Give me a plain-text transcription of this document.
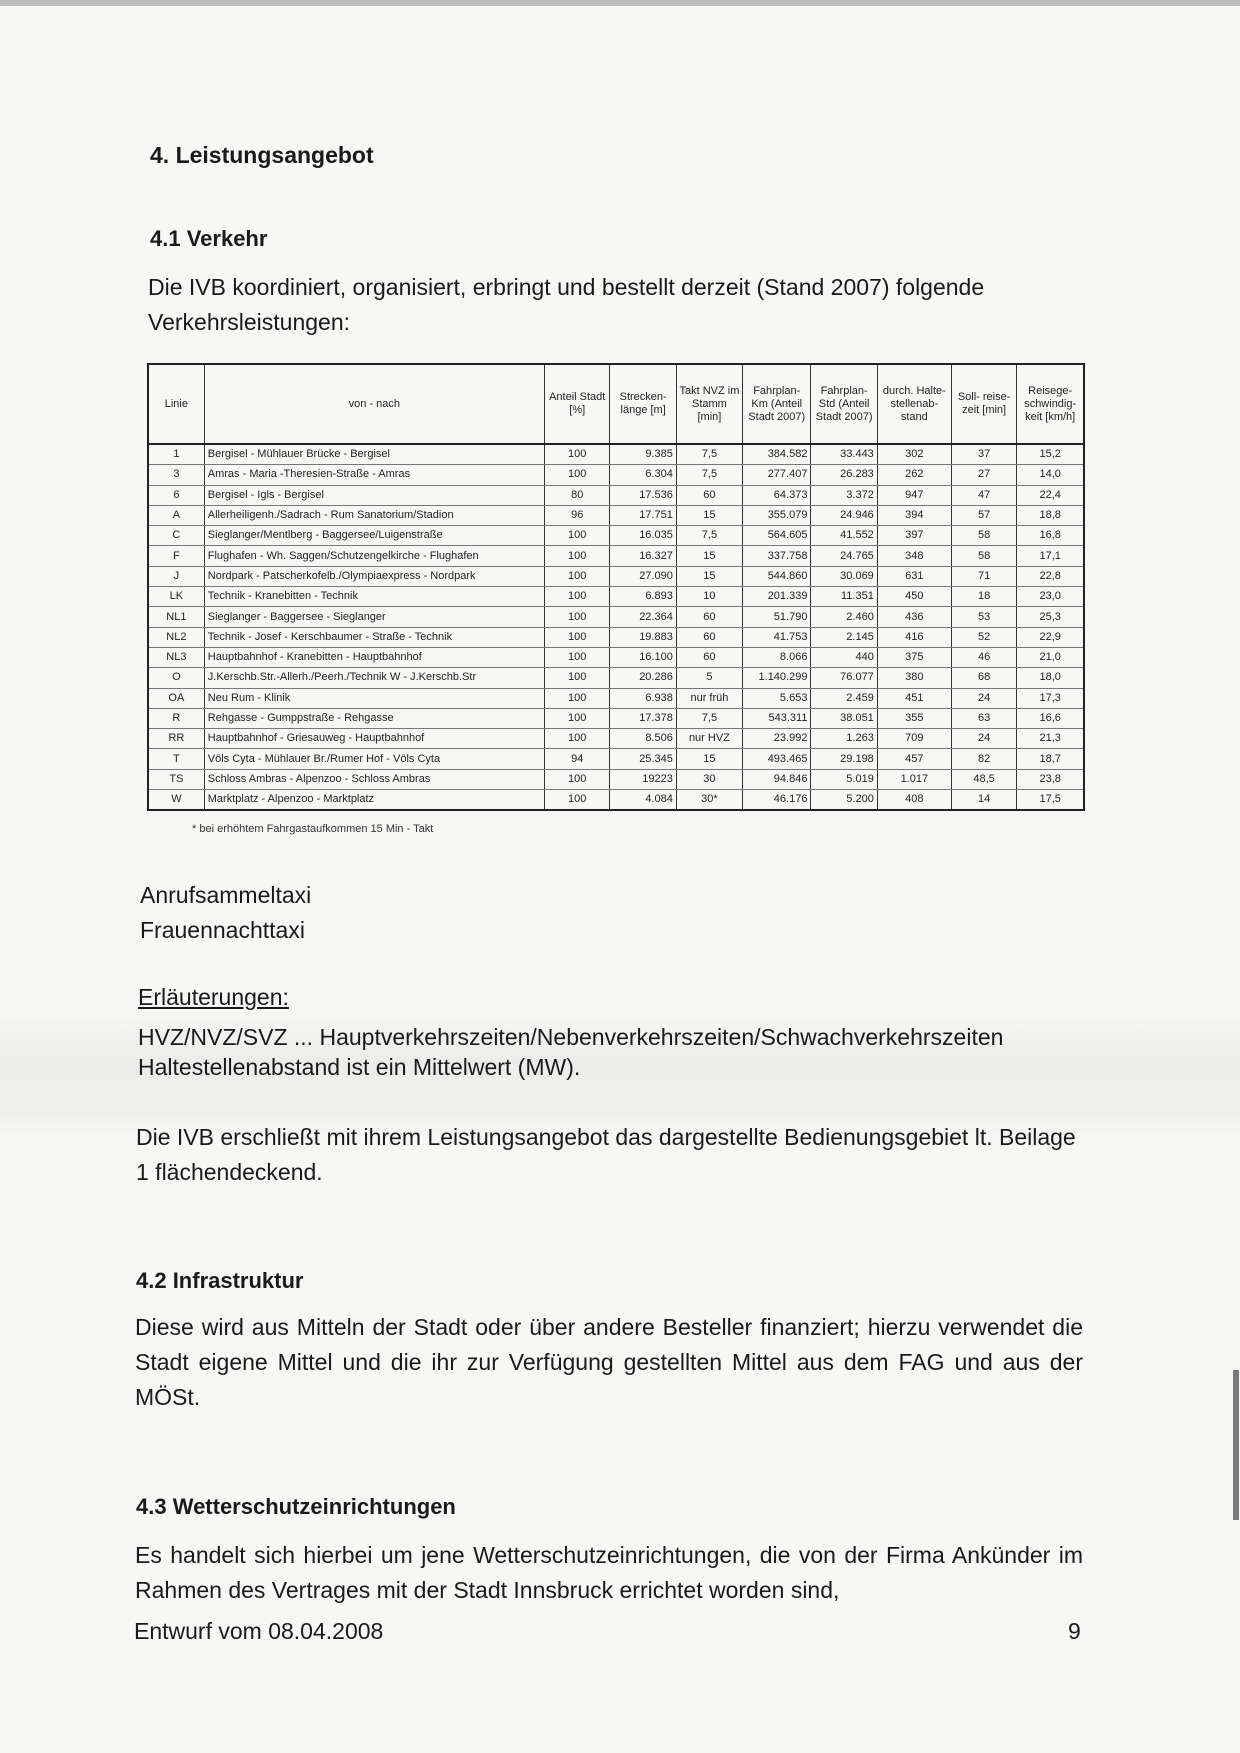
4. Leistungsangebot
4.1 Verkehr
Die IVB koordiniert, organisiert, erbringt und bestellt derzeit (Stand 2007) folgende Verkehrsleistungen:
Linie	von - nach	Anteil Stadt [%]	Strecken-länge [m]	Takt NVZ im Stamm [min]	Fahrplan-Km (Anteil Stadt 2007)	Fahrplan-Std (Anteil Stadt 2007)	durch. Halte-stellenab-stand	Soll- reise-zeit [min]	Reisege-schwindig-keit [km/h]
1	Bergisel - Mühlauer Brücke - Bergisel	100	9.385	7,5	384.582	33.443	302	37	15,2
3	Amras - Maria -Theresien-Straße - Amras	100	6.304	7,5	277.407	26.283	262	27	14,0
6	Bergisel - Igls - Bergisel	80	17.536	60	64.373	3.372	947	47	22,4
A	Allerheiligenh./Sadrach - Rum Sanatorium/Stadion	96	17.751	15	355.079	24.946	394	57	18,8
C	Sieglanger/Mentlberg - Baggersee/Luigenstraße	100	16.035	7,5	564.605	41.552	397	58	16,8
F	Flughafen - Wh. Saggen/Schutzengelkirche - Flughafen	100	16.327	15	337.758	24.765	348	58	17,1
J	Nordpark - Patscherkofelb./Olympiaexpress - Nordpark	100	27.090	15	544.860	30.069	631	71	22,8
LK	Technik - Kranebitten - Technik	100	6.893	10	201.339	11.351	450	18	23,0
NL1	Sieglanger - Baggersee - Sieglanger	100	22.364	60	51.790	2.460	436	53	25,3
NL2	Technik - Josef - Kerschbaumer - Straße - Technik	100	19.883	60	41.753	2.145	416	52	22,9
NL3	Hauptbahnhof - Kranebitten - Hauptbahnhof	100	16.100	60	8.066	440	375	46	21,0
O	J.Kerschb.Str.-Allerh./Peerh./Technik W - J.Kerschb.Str	100	20.286	5	1.140.299	76.077	380	68	18,0
OA	Neu Rum - Klinik	100	6.938	nur früh	5.653	2.459	451	24	17,3
R	Rehgasse - Gumppstraße - Rehgasse	100	17.378	7,5	543.311	38.051	355	63	16,6
RR	Hauptbahnhof - Griesauweg - Hauptbahnhof	100	8.506	nur HVZ	23.992	1.263	709	24	21,3
T	Völs Cyta - Mühlauer Br./Rumer Hof - Völs Cyta	94	25.345	15	493.465	29.198	457	82	18,7
TS	Schloss Ambras - Alpenzoo - Schloss Ambras	100	19223	30	94.846	5.019	1.017	48,5	23,8
W	Marktplatz - Alpenzoo - Marktplatz	100	4.084	30*	46.176	5.200	408	14	17,5
* bei erhöhtem Fahrgastaufkommen 15 Min - Takt
Anrufsammeltaxi
Frauennachttaxi
Erläuterungen:
HVZ/NVZ/SVZ ... Hauptverkehrszeiten/Nebenverkehrszeiten/Schwachverkehrszeiten
Haltestellenabstand ist ein Mittelwert (MW).
Die IVB erschließt mit ihrem Leistungsangebot das dargestellte Bedienungsgebiet lt. Beilage 1 flächendeckend.
4.2 Infrastruktur
Diese wird aus Mitteln der Stadt oder über andere Besteller finanziert; hierzu verwendet die Stadt eigene Mittel und die ihr zur Verfügung gestellten Mittel aus dem FAG und aus der MÖSt.
4.3 Wetterschutzeinrichtungen
Es handelt sich hierbei um jene Wetterschutzeinrichtungen, die von der Firma Ankünder im Rahmen des Vertrages mit der Stadt Innsbruck errichtet worden sind,
Entwurf vom 08.04.2008	9
